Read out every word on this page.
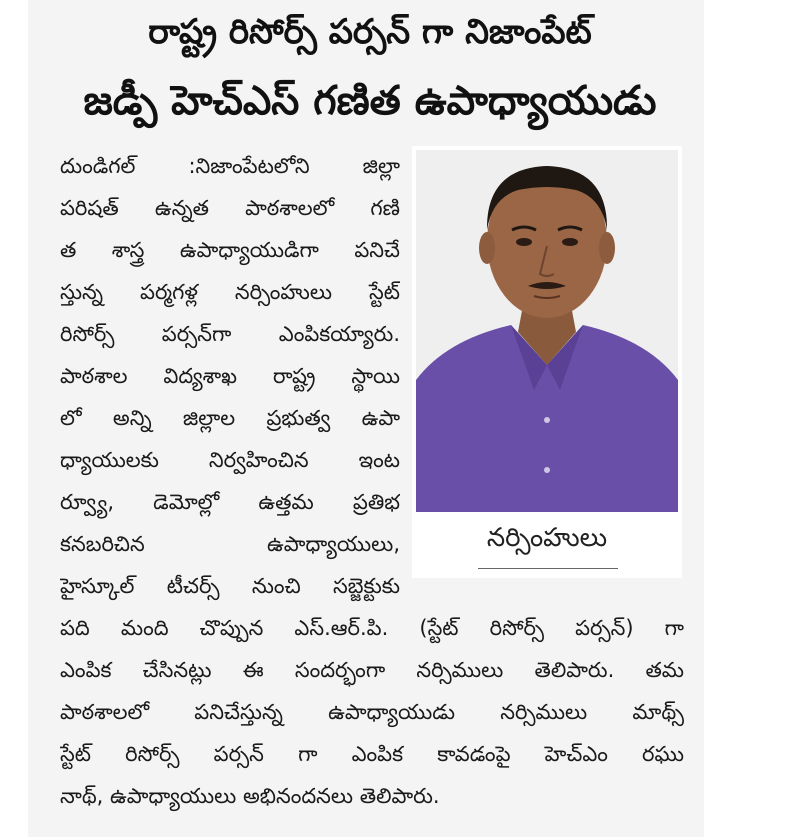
రాష్ట్ర రిసోర్స్ పర్సన్ గా నిజాంపేట్
జడ్పీ హెచ్ఎస్ గణిత ఉపాధ్యాయుడు
నర్సింహులు
దుండిగల్ :నిజాంపేటలోని జిల్లా
పరిషత్ ఉన్నత పాఠశాలలో గణి
త శాస్త్ర ఉపాధ్యాయుడిగా పనిచే
స్తున్న పర్మగళ్ల నర్సింహులు స్టేట్
రిసోర్స్ పర్సన్‌గా ఎంపికయ్యారు.
పాఠశాల విద్యశాఖ రాష్ట్ర స్థాయి
లో అన్ని జిల్లాల ప్రభుత్వ ఉపా
ధ్యాయులకు నిర్వహించిన ఇంట
ర్వ్యూ, డెమోల్లో ఉత్తమ ప్రతిభ
కనబరిచిన ఉపాధ్యాయులు,
హైస్కూల్ టీచర్స్ నుంచి సబ్జెక్టుకు
పది మంది చొప్పున ఎస్.ఆర్.పి. (స్టేట్ రిసోర్స్ పర్సన్) గా
ఎంపిక చేసినట్లు ఈ సందర్భంగా నర్సిములు తెలిపారు. తమ
పాఠశాలలో పనిచేస్తున్న ఉపాధ్యాయుడు నర్సిములు మాథ్స్
స్టేట్ రిసోర్స్ పర్సన్ గా ఎంపిక కావడంపై హెచ్ఎం రఘు
నాథ్, ఉపాధ్యాయులు అభినందనలు తెలిపారు.
